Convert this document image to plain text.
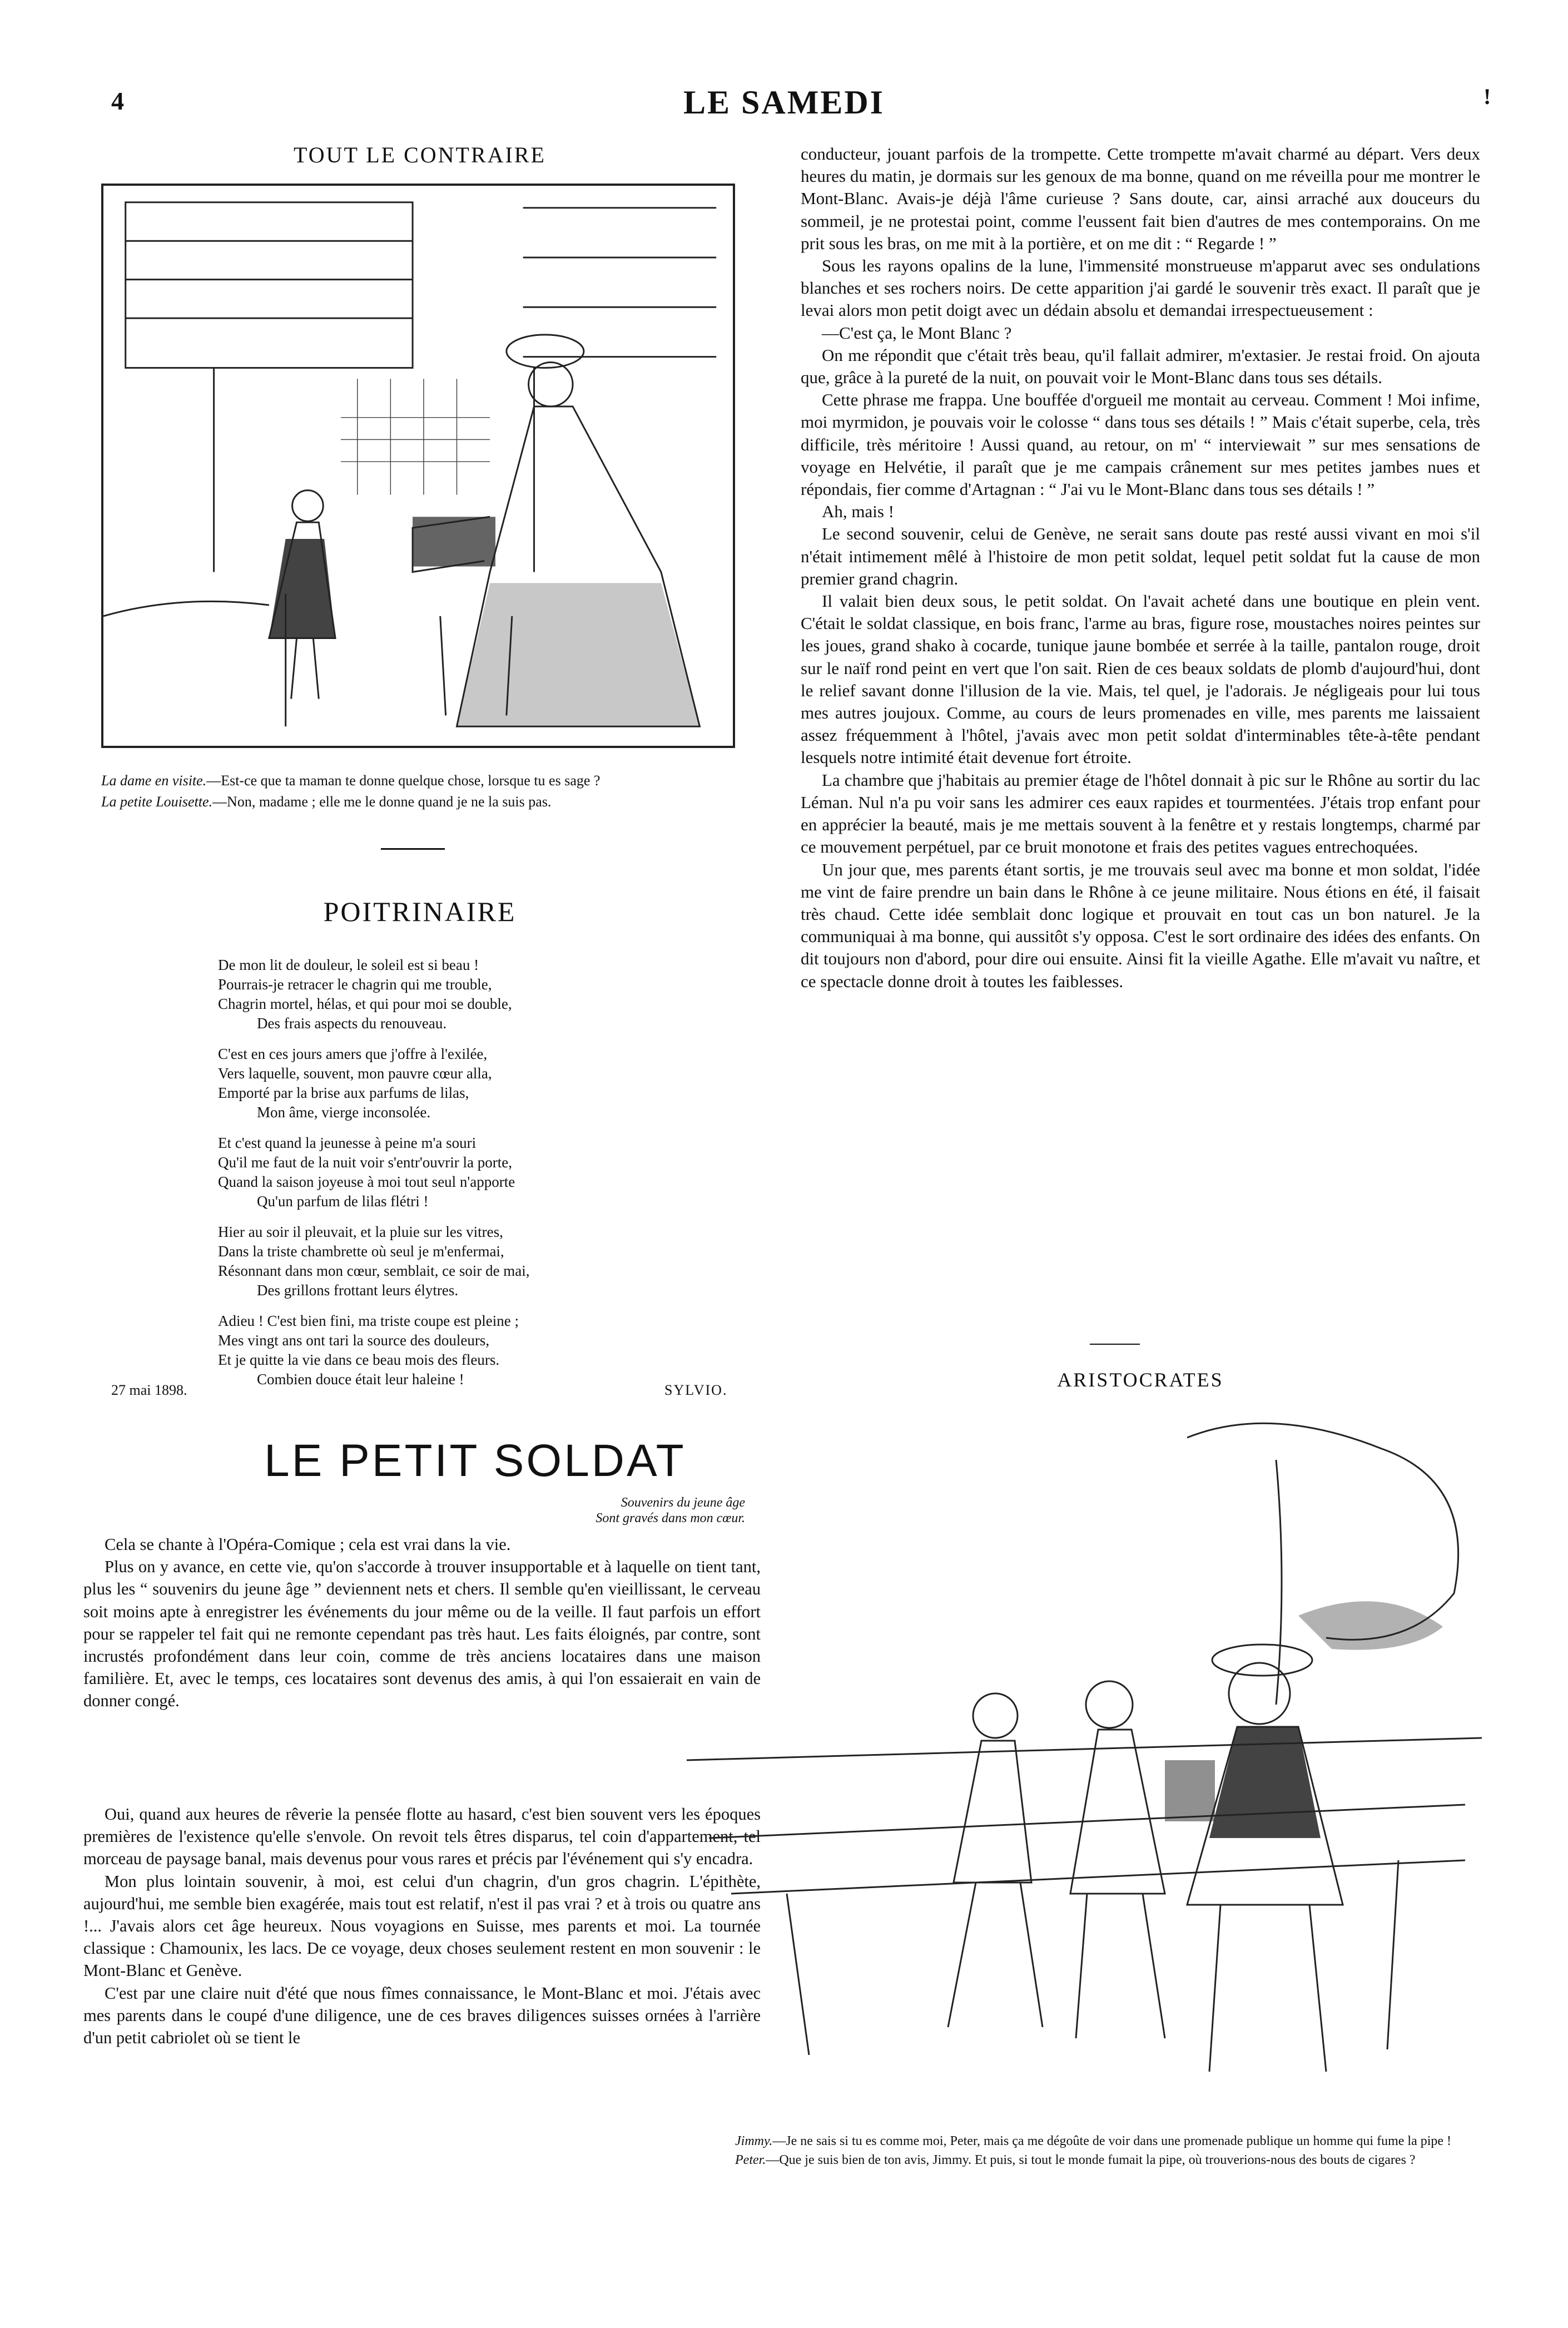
4	LE SAMEDI	!
TOUT LE CONTRAIRE

La dame en visite.—Est-ce que ta maman te donne quelque chose, lorsque tu es sage ?

La petite Louisette.—Non, madame ; elle me le donne quand je ne la suis pas.

POITRINAIRE
De mon lit de douleur, le soleil est si beau !
Pourrais-je retracer le chagrin qui me trouble,
Chagrin mortel, hélas, et qui pour moi se double,
Des frais aspects du renouveau.
C'est en ces jours amers que j'offre à l'exilée,
Vers laquelle, souvent, mon pauvre cœur alla,
Emporté par la brise aux parfums de lilas,
Mon âme, vierge inconsolée.
Et c'est quand la jeunesse à peine m'a souri
Qu'il me faut de la nuit voir s'entr'ouvrir la porte,
Quand la saison joyeuse à moi tout seul n'apporte
Qu'un parfum de lilas flétri !
Hier au soir il pleuvait, et la pluie sur les vitres,
Dans la triste chambrette où seul je m'enfermai,
Résonnant dans mon cœur, semblait, ce soir de mai,
Des grillons frottant leurs élytres.
Adieu ! C'est bien fini, ma triste coupe est pleine ;
Mes vingt ans ont tari la source des douleurs,
Et je quitte la vie dans ce beau mois des fleurs.
Combien douce était leur haleine !
27 mai 1898.	SYLVIO.
LE PETIT SOLDAT
Souvenirs du jeune âge
Sont gravés dans mon cœur.

Cela se chante à l'Opéra-Comique ; cela est vrai dans la vie.

Plus on y avance, en cette vie, qu'on s'accorde à trouver insupportable et à laquelle on tient tant, plus les “ souvenirs du jeune âge ” deviennent nets et chers. Il semble qu'en vieillissant, le cerveau soit moins apte à enregistrer les événements du jour même ou de la veille. Il faut parfois un effort pour se rappeler tel fait qui ne remonte cependant pas très haut. Les faits éloignés, par contre, sont incrustés profondément dans leur coin, comme de très anciens locataires dans une maison familière. Et, avec le temps, ces locataires sont devenus des amis, à qui l'on essaierait en vain de donner congé.

Oui, quand aux heures de rêverie la pensée flotte au hasard, c'est bien souvent vers les époques premières de l'existence qu'elle s'envole. On revoit tels êtres disparus, tel coin d'appartement, tel morceau de paysage banal, mais devenus pour vous rares et précis par l'événement qui s'y encadra.

Mon plus lointain souvenir, à moi, est celui d'un chagrin, d'un gros chagrin. L'épithète, aujourd'hui, me semble bien exagérée, mais tout est relatif, n'est il pas vrai ? et à trois ou quatre ans !... J'avais alors cet âge heureux. Nous voyagions en Suisse, mes parents et moi. La tournée classique : Chamounix, les lacs. De ce voyage, deux choses seulement restent en mon souvenir : le Mont-Blanc et Genève.

C'est par une claire nuit d'été que nous fîmes connaissance, le Mont-Blanc et moi. J'étais avec mes parents dans le coupé d'une diligence, une de ces braves diligences suisses ornées à l'arrière d'un petit cabriolet où se tient le

conducteur, jouant parfois de la trompette. Cette trompette m'avait charmé au départ. Vers deux heures du matin, je dormais sur les genoux de ma bonne, quand on me réveilla pour me montrer le Mont-Blanc. Avais-je déjà l'âme curieuse ? Sans doute, car, ainsi arraché aux douceurs du sommeil, je ne protestai point, comme l'eussent fait bien d'autres de mes contemporains. On me prit sous les bras, on me mit à la portière, et on me dit : “ Regarde ! ”

Sous les rayons opalins de la lune, l'immensité monstrueuse m'apparut avec ses ondulations blanches et ses rochers noirs. De cette apparition j'ai gardé le souvenir très exact. Il paraît que je levai alors mon petit doigt avec un dédain absolu et demandai irrespectueusement :

—C'est ça, le Mont Blanc ?

On me répondit que c'était très beau, qu'il fallait admirer, m'extasier. Je restai froid. On ajouta que, grâce à la pureté de la nuit, on pouvait voir le Mont-Blanc dans tous ses détails.

Cette phrase me frappa. Une bouffée d'orgueil me montait au cerveau. Comment ! Moi infime, moi myrmidon, je pouvais voir le colosse “ dans tous ses détails ! ” Mais c'était superbe, cela, très difficile, très méritoire ! Aussi quand, au retour, on m' “ interviewait ” sur mes sensations de voyage en Helvétie, il paraît que je me campais crânement sur mes petites jambes nues et répondais, fier comme d'Artagnan : “ J'ai vu le Mont-Blanc dans tous ses détails ! ”

Ah, mais !

Le second souvenir, celui de Genève, ne serait sans doute pas resté aussi vivant en moi s'il n'était intimement mêlé à l'histoire de mon petit soldat, lequel petit soldat fut la cause de mon premier grand chagrin.

Il valait bien deux sous, le petit soldat. On l'avait acheté dans une boutique en plein vent. C'était le soldat classique, en bois franc, l'arme au bras, figure rose, moustaches noires peintes sur les joues, grand shako à cocarde, tunique jaune bombée et serrée à la taille, pantalon rouge, droit sur le naïf rond peint en vert que l'on sait. Rien de ces beaux soldats de plomb d'aujourd'hui, dont le relief savant donne l'illusion de la vie. Mais, tel quel, je l'adorais. Je négligeais pour lui tous mes autres joujoux. Comme, au cours de leurs promenades en ville, mes parents me laissaient assez fréquemment à l'hôtel, j'avais avec mon petit soldat d'interminables tête-à-tête pendant lesquels notre intimité était devenue fort étroite.

La chambre que j'habitais au premier étage de l'hôtel donnait à pic sur le Rhône au sortir du lac Léman. Nul n'a pu voir sans les admirer ces eaux rapides et tourmentées. J'étais trop enfant pour en apprécier la beauté, mais je me mettais souvent à la fenêtre et y restais longtemps, charmé par ce mouvement perpétuel, par ce bruit monotone et frais des petites vagues entrechoquées.

Un jour que, mes parents étant sortis, je me trouvais seul avec ma bonne et mon soldat, l'idée me vint de faire prendre un bain dans le Rhône à ce jeune militaire. Nous étions en été, il faisait très chaud. Cette idée semblait donc logique et prouvait en tout cas un bon naturel. Je la communiquai à ma bonne, qui aussitôt s'y opposa. C'est le sort ordinaire des idées des enfants. On dit toujours non d'abord, pour dire oui ensuite. Ainsi fit la vieille Agathe. Elle m'avait vu naître, et ce spectacle donne droit à toutes les faiblesses.

ARISTOCRATES

Jimmy.—Je ne sais si tu es comme moi, Peter, mais ça me dégoûte de voir dans une promenade publique un homme qui fume la pipe !

Peter.—Que je suis bien de ton avis, Jimmy. Et puis, si tout le monde fumait la pipe, où trouverions-nous des bouts de cigares ?
